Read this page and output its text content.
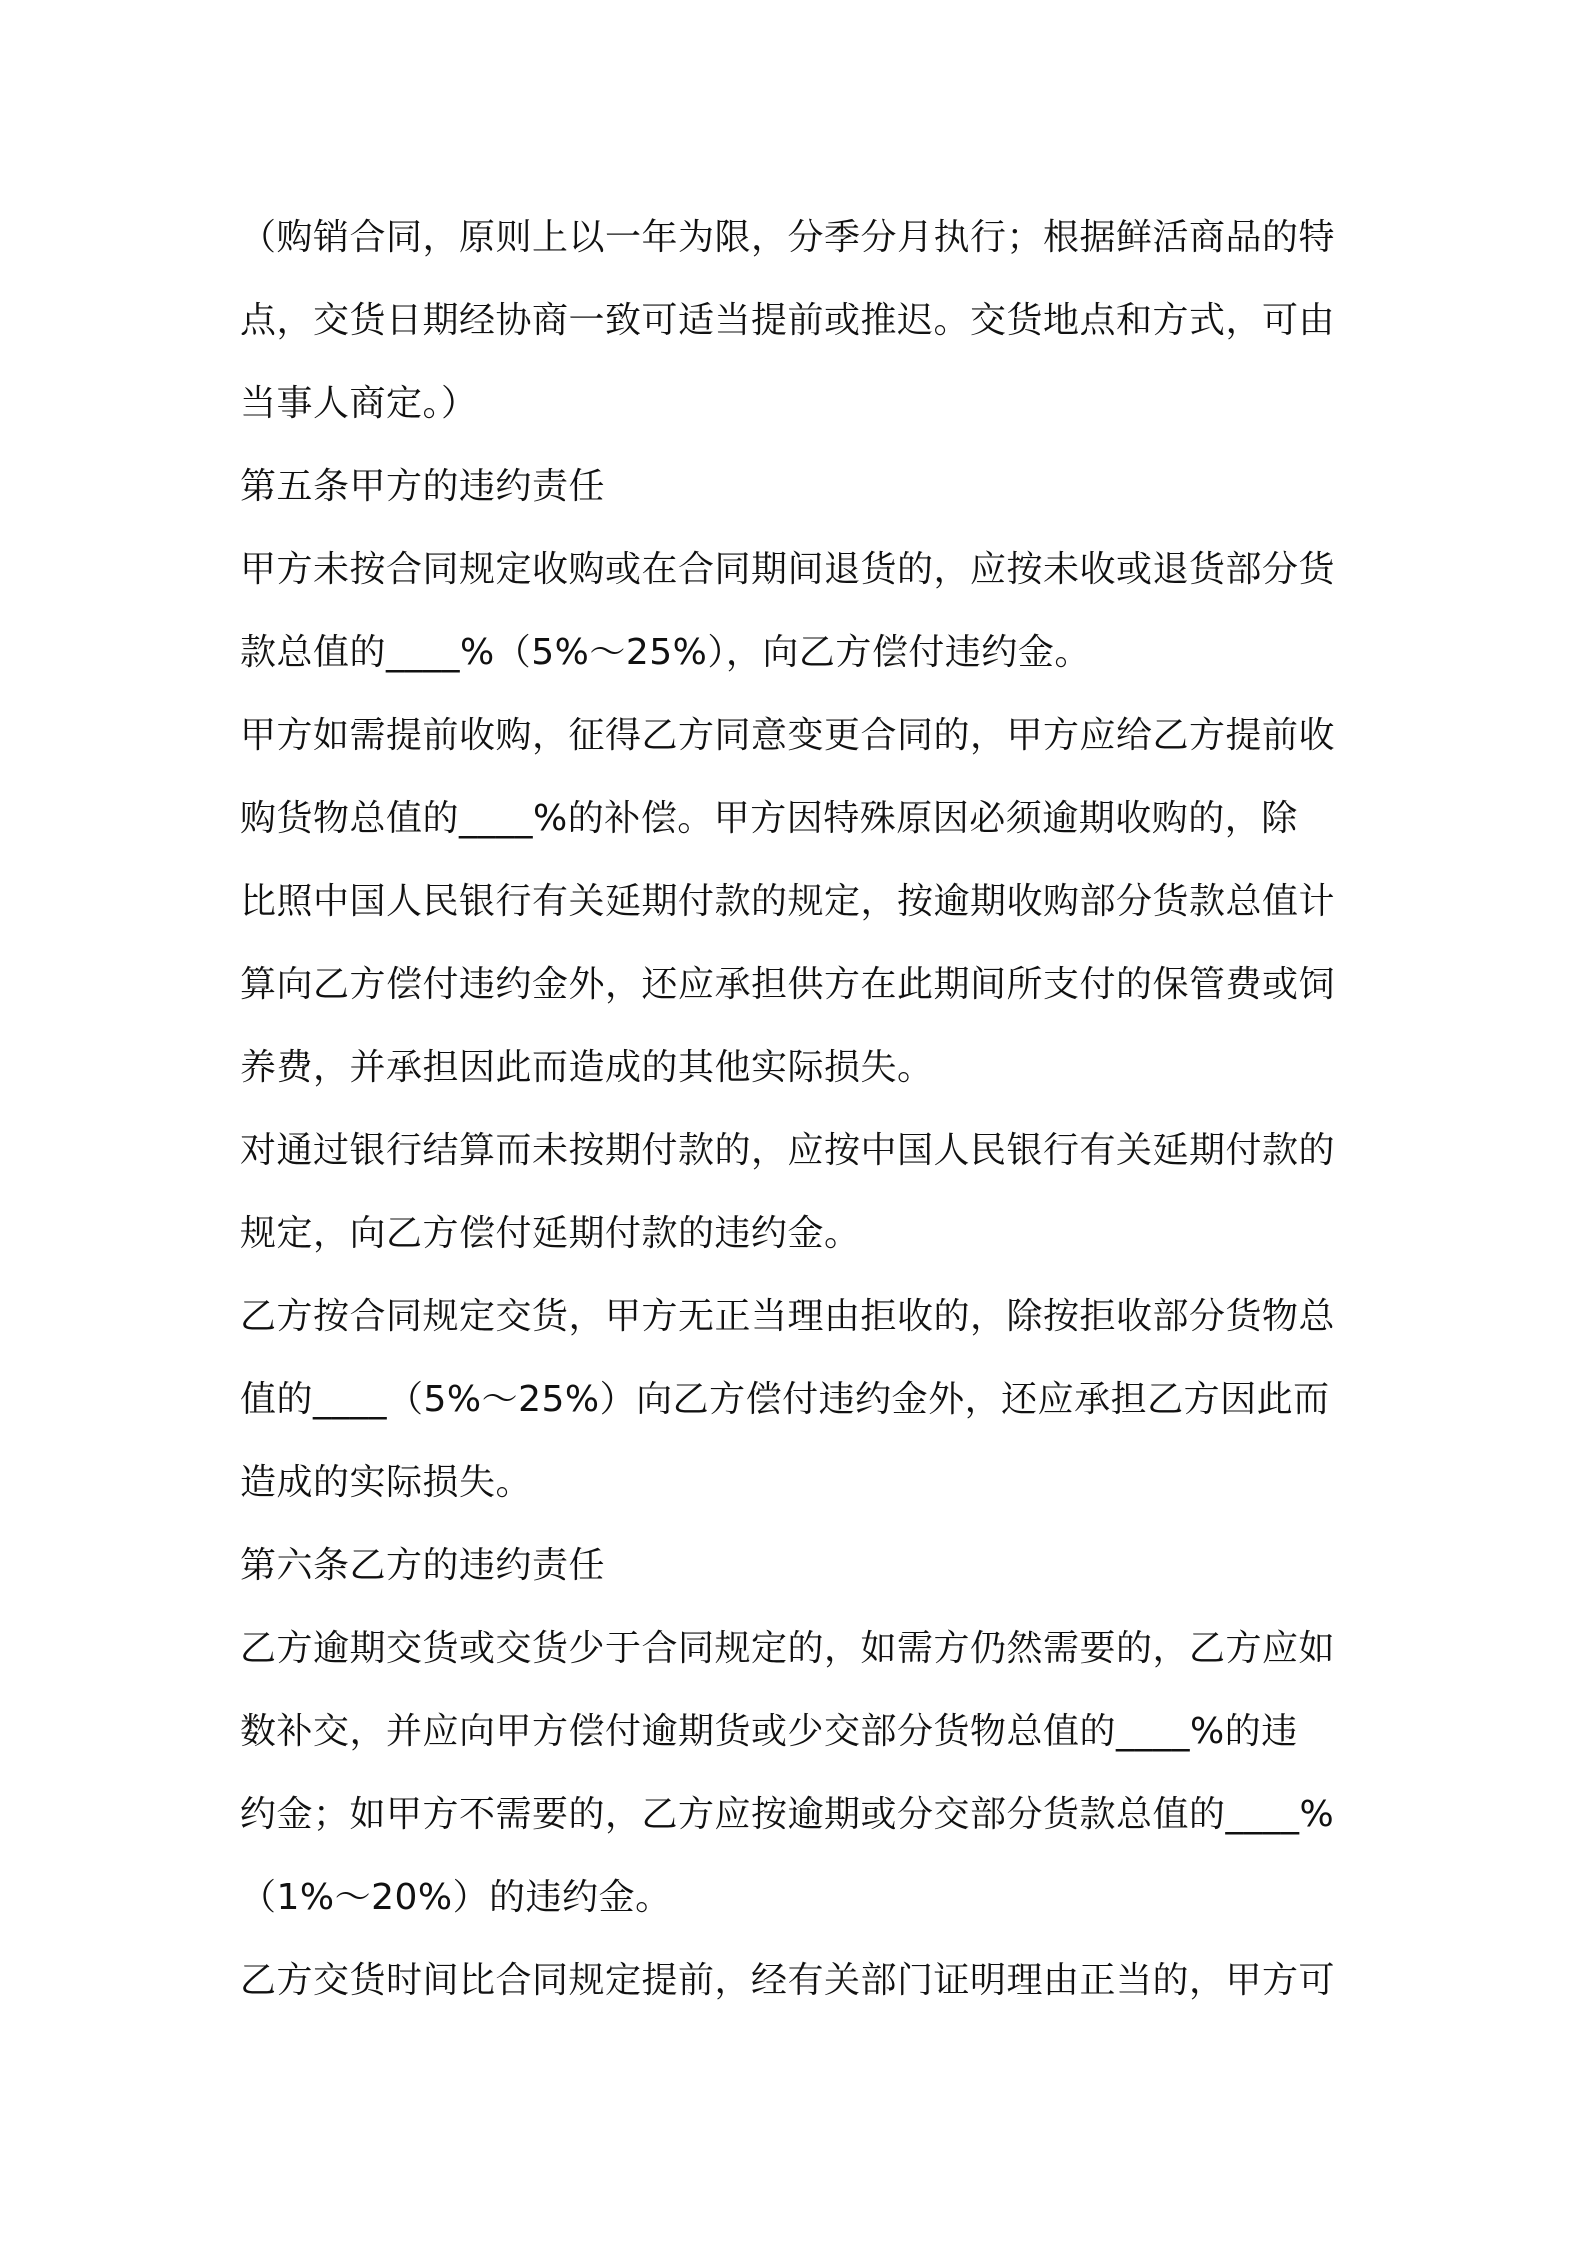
（购销合同，原则上以一年为限，分季分月执行；根据鲜活商品的特
点，交货日期经协商一致可适当提前或推迟。交货地点和方式，可由
当事人商定。）

第五条甲方的违约责任

甲方未按合同规定收购或在合同期间退货的，应按未收或退货部分货
款总值的____%（5%～25%），向乙方偿付违约金。

甲方如需提前收购，征得乙方同意变更合同的，甲方应给乙方提前收
购货物总值的____%的补偿。甲方因特殊原因必须逾期收购的，除
比照中国人民银行有关延期付款的规定，按逾期收购部分货款总值计
算向乙方偿付违约金外，还应承担供方在此期间所支付的保管费或饲
养费，并承担因此而造成的其他实际损失。

对通过银行结算而未按期付款的，应按中国人民银行有关延期付款的
规定，向乙方偿付延期付款的违约金。

乙方按合同规定交货，甲方无正当理由拒收的，除按拒收部分货物总
值的____（5%～25%）向乙方偿付违约金外，还应承担乙方因此而
造成的实际损失。

第六条乙方的违约责任

乙方逾期交货或交货少于合同规定的，如需方仍然需要的，乙方应如
数补交，并应向甲方偿付逾期货或少交部分货物总值的____%的违
约金；如甲方不需要的，乙方应按逾期或分交部分货款总值的____%
（1%～20%）的违约金。

乙方交货时间比合同规定提前，经有关部门证明理由正当的，甲方可
